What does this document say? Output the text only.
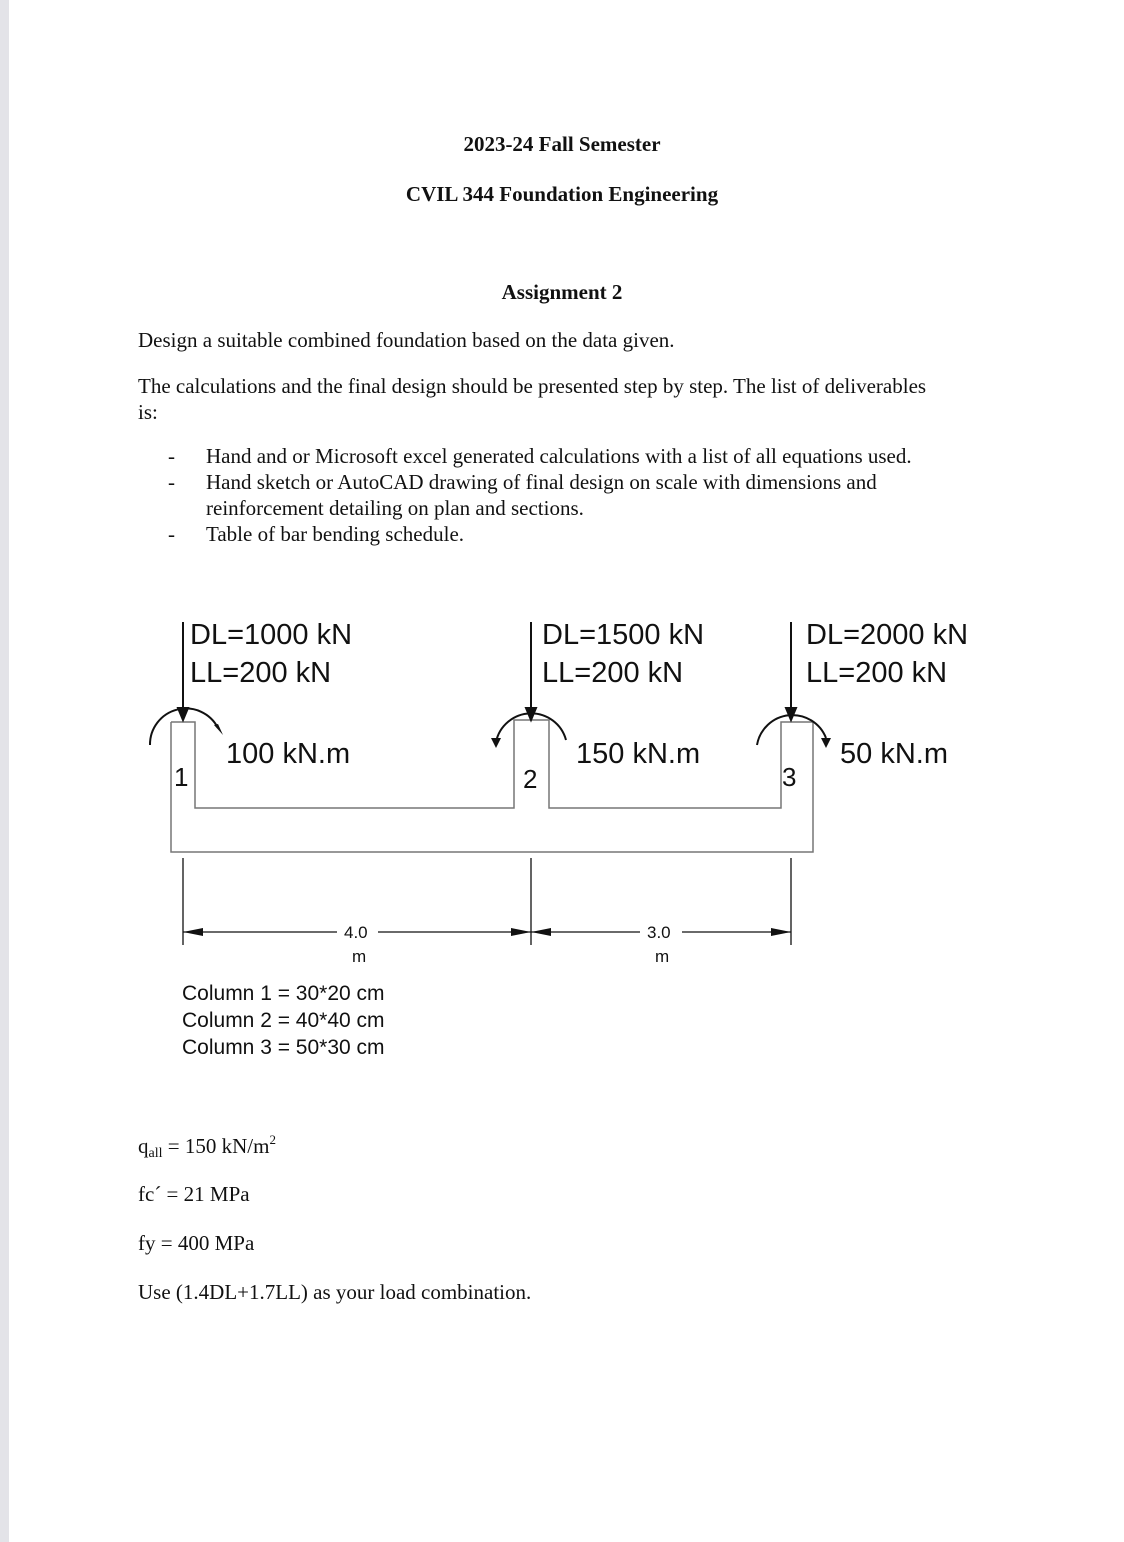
2023-24 Fall Semester
CVIL 344 Foundation Engineering
Assignment 2
Design a suitable combined foundation based on the data given.
The calculations and the final design should be presented step by step. The list of deliverables
is:
- Hand and or Microsoft excel generated calculations with a list of all equations used.
- Hand sketch or AutoCAD drawing of final design on scale with dimensions and reinforcement detailing on plan and sections.
- Table of bar bending schedule.
DL=1000 kN
LL=200 kN
DL=1500 kN
LL=200 kN
DL=2000 kN
LL=200 kN
100 kN.m	150 kN.m	50 kN.m
1	2	3
4.0
m
3.0
m
Column 1 = 30*20 cm
Column 2 = 40*40 cm
Column 3 = 50*30 cm
$q_{all} = 150$ $kN/m^2$
fc´ = 21 MPa
fy = 400 MPa
Use (1.4DL+1.7LL) as your load combination.
